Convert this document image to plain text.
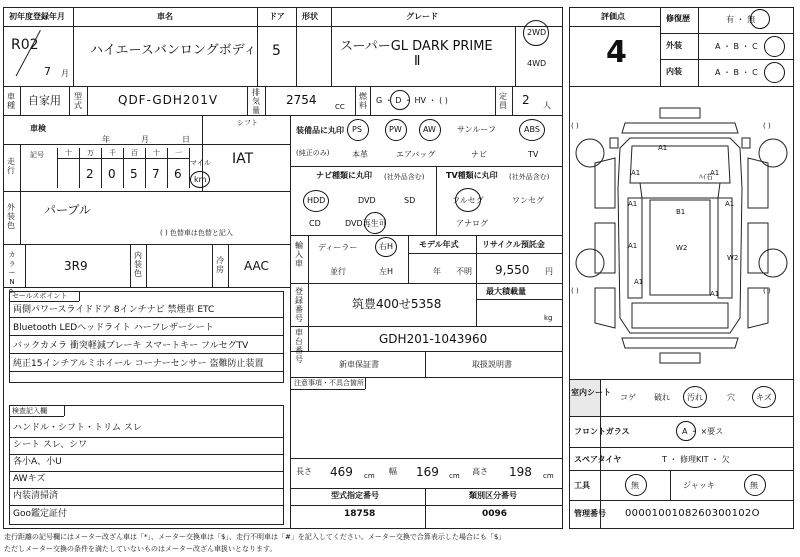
初年度登録年月
R02
7 月
車名
ハイエースバンロングボディ
ドア
5
形状	グレード
スーパーGL DARK PRIME
Ⅱ
2WD
4WD
車種 自家用 型式	QDF-GDH201V
排気量
2754	CC
燃料
G ・ D ・ HV ・ ( )	定員 2 人
車検
年	月	日
シフト
IAT
走行
記号	十 万 千 百 十 一
2 0 5 7 6
マイル
km
外装色
パープル
( ) 色替車は色替と記入
カラーNo.
3R9
内装色
冷房 AAC
セールスポイント
両側パワースライドドア 8インチナビ 禁煙車 ETC
Bluetooth LEDヘッドライト ハーフレザーシート
バックカメラ 衝突軽減ブレーキ スマートキー フルセグTV
純正15インチアルミホイール コーナーセンサー 盗難防止装置
検査記入欄
ハンドル・シフト・トリム スレ
シート スレ、シワ
各小A、小U
AWキズ
内装清掃済
Goo鑑定証付
装備品に丸印
(純正のみ)
PS	PW	AW	サンルーフ	ABS
本革	エアバッグ	ナビ	TV
ナビ種類に丸印 (社外品含む)
HDD	DVD	SD
CD	DVD再生可
TV種類に丸印 (社外品含む)
フルセグ	ワンセグ
アナログ
輸入車
ディーラー
並行
右H
左H
モデル年式
年 不明
リサイクル預託金
9,550 円
登録番号
筑豊400せ5358
最大積載量
kg
車台番号
GDH201-1043960
新車保証書	取扱説明書
注意事項・不具合箇所
長さ 469 cm 幅 169 cm 高さ 198 cm
型式指定番号
18758
類別区分番号
0096
評価点
4
修復歴	有 ・ 無
外装	A ・ B ・ C
内装	A ・ B ・ C
( )	( )
( )	( )
A1
A1	A1
A1	A1
A1
B1
W2
W2
A1
A1
ﾊｲ右
室内シート
コゲ 破れ 汚れ	穴	キズ
フロントガラス	A ・ ×要ス
スペアタイヤ	T ・ 修理KIT ・ 欠
工具	無	ジャッキ	無
管理番号 0000100108260300102O
走行距離の記号欄にはメーター改ざん車は「*」、メーター交換車は「$」、走行不明車は「#」を記入してください。メーター交換で合算表示した場合にも「$」
ただしメーター交換の条件を満たしていないものはメーター改ざん車扱いとなります。
